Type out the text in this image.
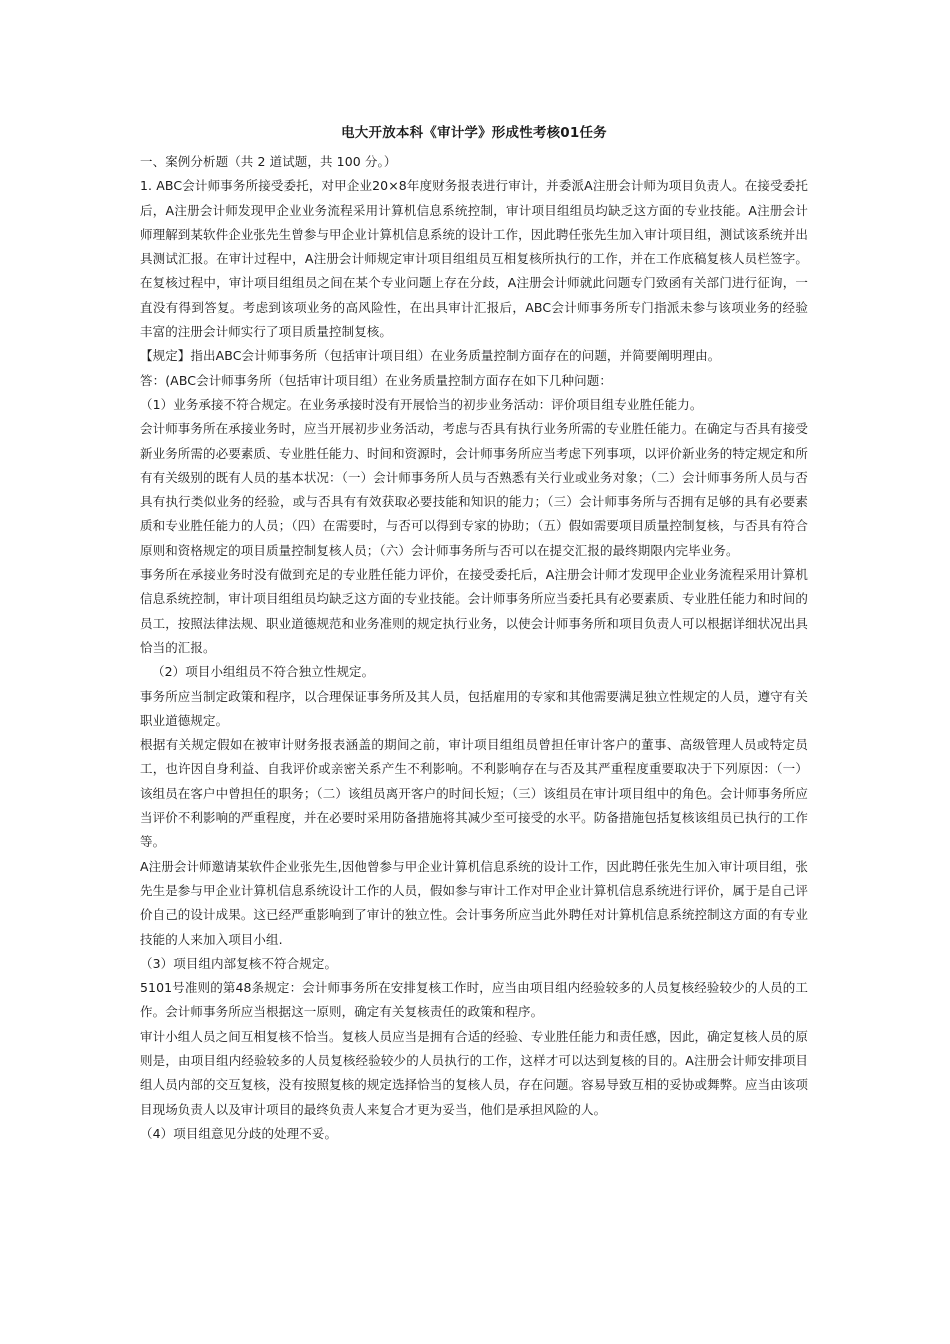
电大开放本科《审计学》形成性考核01任务

一、案例分析题（共 2 道试题，共 100 分。）

1. ABC会计师事务所接受委托，对甲企业20×8年度财务报表进行审计，并委派A注册会计师为项目负责人。在接受委托后，A注册会计师发现甲企业业务流程采用计算机信息系统控制，审计项目组组员均缺乏这方面的专业技能。A注册会计师理解到某软件企业张先生曾参与甲企业计算机信息系统的设计工作，因此聘任张先生加入审计项目组，测试该系统并出具测试汇报。在审计过程中，A注册会计师规定审计项目组组员互相复核所执行的工作，并在工作底稿复核人员栏签字。在复核过程中，审计项目组组员之间在某个专业问题上存在分歧，A注册会计师就此问题专门致函有关部门进行征询，一直没有得到答复。考虑到该项业务的高风险性，在出具审计汇报后，ABC会计师事务所专门指派未参与该项业务的经验丰富的注册会计师实行了项目质量控制复核。

【规定】指出ABC会计师事务所（包括审计项目组）在业务质量控制方面存在的问题，并简要阐明理由。

答：(ABC会计师事务所（包括审计项目组）在业务质量控制方面存在如下几种问题：

（1）业务承接不符合规定。在业务承接时没有开展恰当的初步业务活动：评价项目组专业胜任能力。

会计师事务所在承接业务时，应当开展初步业务活动，考虑与否具有执行业务所需的专业胜任能力。在确定与否具有接受新业务所需的必要素质、专业胜任能力、时间和资源时，会计师事务所应当考虑下列事项，以评价新业务的特定规定和所有有关级别的既有人员的基本状况：（一）会计师事务所人员与否熟悉有关行业或业务对象；（二）会计师事务所人员与否具有执行类似业务的经验，或与否具有有效获取必要技能和知识的能力；（三）会计师事务所与否拥有足够的具有必要素质和专业胜任能力的人员；（四）在需要时，与否可以得到专家的协助；（五）假如需要项目质量控制复核，与否具有符合原则和资格规定的项目质量控制复核人员；（六）会计师事务所与否可以在提交汇报的最终期限内完毕业务。

事务所在承接业务时没有做到充足的专业胜任能力评价，在接受委托后，A注册会计师才发现甲企业业务流程采用计算机信息系统控制，审计项目组组员均缺乏这方面的专业技能。会计师事务所应当委托具有必要素质、专业胜任能力和时间的员工，按照法律法规、职业道德规范和业务准则的规定执行业务，以使会计师事务所和项目负责人可以根据详细状况出具恰当的汇报。

（2）项目小组组员不符合独立性规定。

事务所应当制定政策和程序，以合理保证事务所及其人员，包括雇用的专家和其他需要满足独立性规定的人员，遵守有关职业道德规定。

根据有关规定假如在被审计财务报表涵盖的期间之前，审计项目组组员曾担任审计客户的董事、高级管理人员或特定员工，也许因自身利益、自我评价或亲密关系产生不利影响。不利影响存在与否及其严重程度重要取决于下列原因：（一）该组员在客户中曾担任的职务；（二）该组员离开客户的时间长短；（三）该组员在审计项目组中的角色。会计师事务所应当评价不利影响的严重程度，并在必要时采用防备措施将其减少至可接受的水平。防备措施包括复核该组员已执行的工作等。

A注册会计师邀请某软件企业张先生,因他曾参与甲企业计算机信息系统的设计工作，因此聘任张先生加入审计项目组，张先生是参与甲企业计算机信息系统设计工作的人员，假如参与审计工作对甲企业计算机信息系统进行评价，属于是自己评价自己的设计成果。这已经严重影响到了审计的独立性。会计事务所应当此外聘任对计算机信息系统控制这方面的有专业技能的人来加入项目小组.

（3）项目组内部复核不符合规定。

5101号准则的第48条规定：会计师事务所在安排复核工作时，应当由项目组内经验较多的人员复核经验较少的人员的工作。会计师事务所应当根据这一原则，确定有关复核责任的政策和程序。

审计小组人员之间互相复核不恰当。复核人员应当是拥有合适的经验、专业胜任能力和责任感，因此，确定复核人员的原则是，由项目组内经验较多的人员复核经验较少的人员执行的工作，这样才可以达到复核的目的。A注册会计师安排项目组人员内部的交互复核，没有按照复核的规定选择恰当的复核人员，存在问题。容易导致互相的妥协或舞弊。应当由该项目现场负责人以及审计项目的最终负责人来复合才更为妥当，他们是承担风险的人。

（4）项目组意见分歧的处理不妥。
